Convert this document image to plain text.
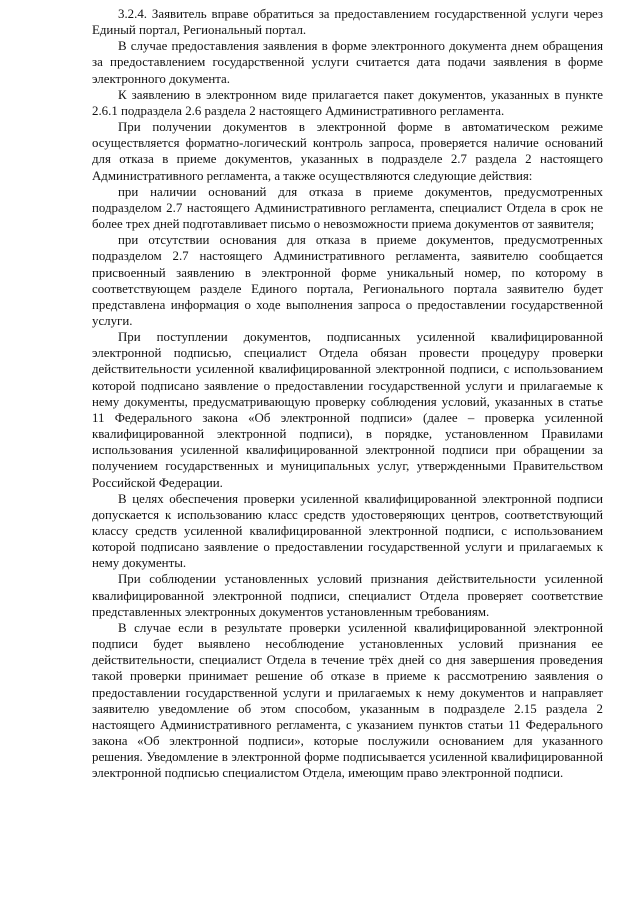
3.2.4. Заявитель вправе обратиться за предоставлением государственной услуги через Единый портал, Региональный портал.

В случае предоставления заявления в форме электронного документа днем обращения за предоставлением государственной услуги считается дата подачи заявления в форме электронного документа.

К заявлению в электронном виде прилагается пакет документов, указанных в пункте 2.6.1 подраздела 2.6 раздела 2 настоящего Административного регламента.

При получении документов в электронной форме в автоматическом режиме осуществляется форматно-логический контроль запроса, проверяется наличие оснований для отказа в приеме документов, указанных в подразделе 2.7 раздела 2 настоящего Административного регламента, а также осуществляются следующие действия:

при наличии оснований для отказа в приеме документов, предусмотренных подразделом 2.7 настоящего Административного регламента, специалист Отдела в срок не более трех дней подготавливает письмо о невозможности приема документов от заявителя;

при отсутствии основания для отказа в приеме документов, предусмотренных подразделом 2.7 настоящего Административного регламента, заявителю сообщается присвоенный заявлению в электронной форме уникальный номер, по которому в соответствующем разделе Единого портала, Регионального портала заявителю будет представлена информация о ходе выполнения запроса о предоставлении государственной услуги.

При поступлении документов, подписанных усиленной квалифицированной электронной подписью, специалист Отдела обязан провести процедуру проверки действительности усиленной квалифицированной электронной подписи, с использованием которой подписано заявление о предоставлении государственной услуги и прилагаемые к нему документы, предусматривающую проверку соблюдения условий, указанных в статье 11 Федерального закона «Об электронной подписи» (далее – проверка усиленной квалифицированной электронной подписи), в порядке, установленном Правилами использования усиленной квалифицированной электронной подписи при обращении за получением государственных и муниципальных услуг, утвержденными Правительством Российской Федерации.

В целях обеспечения проверки усиленной квалифицированной электронной подписи допускается к использованию класс средств удостоверяющих центров, соответствующий классу средств усиленной квалифицированной электронной подписи, с использованием которой подписано заявление о предоставлении государственной услуги и прилагаемых к нему документы.

При соблюдении установленных условий признания действительности усиленной квалифицированной электронной подписи, специалист Отдела проверяет соответствие представленных электронных документов установленным требованиям.

В случае если в результате проверки усиленной квалифицированной электронной подписи будет выявлено несоблюдение установленных условий признания ее действительности, специалист Отдела в течение трёх дней со дня завершения проведения такой проверки принимает решение об отказе в приеме к рассмотрению заявления о предоставлении государственной услуги и прилагаемых к нему документов и направляет заявителю уведомление об этом способом, указанным в подразделе 2.15 раздела 2 настоящего Административного регламента, с указанием пунктов статьи 11 Федерального закона «Об электронной подписи», которые послужили основанием для указанного решения. Уведомление в электронной форме подписывается усиленной квалифицированной электронной подписью специалистом Отдела, имеющим право электронной подписи.
